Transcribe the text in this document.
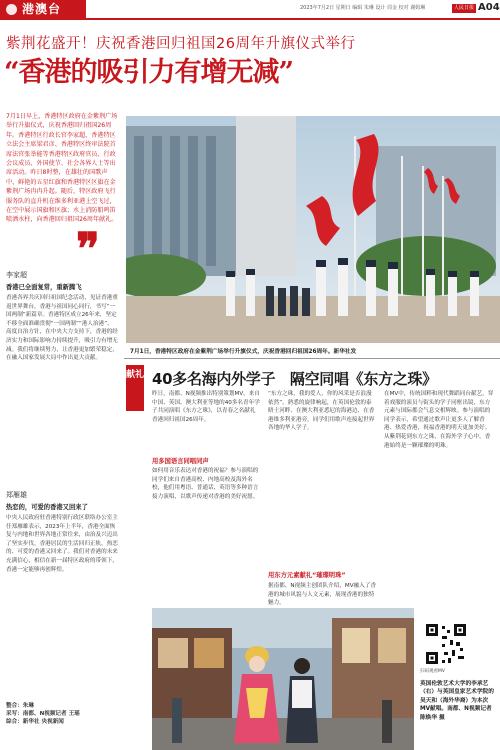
港澳台	2023年7月2日 星期日 编辑 朱琳 设计 周金 校对 谢姆琳	人民日报 A04
紫荆花盛开！庆祝香港回归祖国26周年升旗仪式举行
“香港的吸引力有增无减”
7月1日早上，香港特区政府在金紫荆广场举行升旗仪式，庆祝香港回归祖国26周年。香港特区行政长官李家超、香港特区立法会主席梁君彦、香港特区终审法院首席法官张举能等香港特区政府官员、行政会议成员、外国使节、社会各界人士等出席活动。昨日8时整，在雄壮的国歌声中，鲜艳的五星红旗和香港特区区旗在金紫荆广场冉冉升起。随后，特区政府飞行服务队的直升机在维多利亚港上空飞过，在空中展示国旗和区旗；水上消防船鸣笛喷洒水柱，向香港回归祖国26周年献礼。
❞
李家超
香港已全面复常，重新腾飞
香港各界共庆回归祖国纪念活动，见证香港重返世界舞台，香港与祖国同心同行，书写“一国两制”新篇章。香港特区成立26年来，坚定不移全面准确贯彻“一国两制”“港人治港”、高度自治方针，在中央大力支持下，香港的经济实力和国际影响力持续提升，吸引力有增无减。我们将继续努力，让香港更加繁荣稳定，在融入国家发展大局中作出更大贡献。
郑雁雄
热恋的，可爱的香港又回来了
中央人民政府驻香港特别行政区联络办公室主任郑雁雄表示，2023年上半年，香港全面恢复与内地和世界各地正常往来，由治及兴迈出了坚实步伐。香港居民的生活回归正轨，热恋的、可爱的香港又回来了。我们对香港的未来充满信心，相信在新一届特区政府的带领下，香港一定能够再创辉煌。
整合：朱琳
采写：南都、N视频记者 王瑶
综合：新华社 央视新闻
7月1日，香港特区政府在金紫荆广场举行升旗仪式，庆祝香港回归祖国26周年。新华社发
献礼 40多名海内外学子　隔空同唱《东方之珠》
昨日，南都、N视频推出特别策划MV，来自中国、英国、澳大利亚等地的40多名青年学子共同演唱《东方之珠》，以青春之名献礼香港回归祖国26周年。
用多国语言同唱同声
如何用音乐表达对香港的祝福？参与演唱的同学们来自香港高校、内地高校及海外名校，他们用粤语、普通话、英语等多种语言接力演唱，以歌声传递对香港的美好祝愿。
“东方之珠，我的爱人，你的风采是否浪漫依然”，熟悉的旋律响起，在英国伦敦的泰晤士河畔、在澳大利亚悉尼的海港边、在香港维多利亚港旁，同学们用歌声连接起世界各地的华人学子。
用东方元素献礼“璀璨明珠”
据南都、N视频主创团队介绍，MV融入了香港的城市风貌与人文元素，展现香港的独特魅力。
在MV中，传统国粹和现代舞蹈同台献艺，穿着戏服的演员与街头的学子同框出镜，东方元素与国际都会气息交相辉映。参与演唱的同学表示，希望通过歌声让更多人了解香港、热爱香港，祝福香港的明天更加美好。从紫荆花到东方之珠，在海外学子心中，香港始终是一颗璀璨的明珠。
扫码观看MV
英国伦敦艺术大学的李承艺（右）与英国皇家艺术学院的吴天和（海外华裔）为本次MV献唱。南都、N视频记者 陈焕华 摄
